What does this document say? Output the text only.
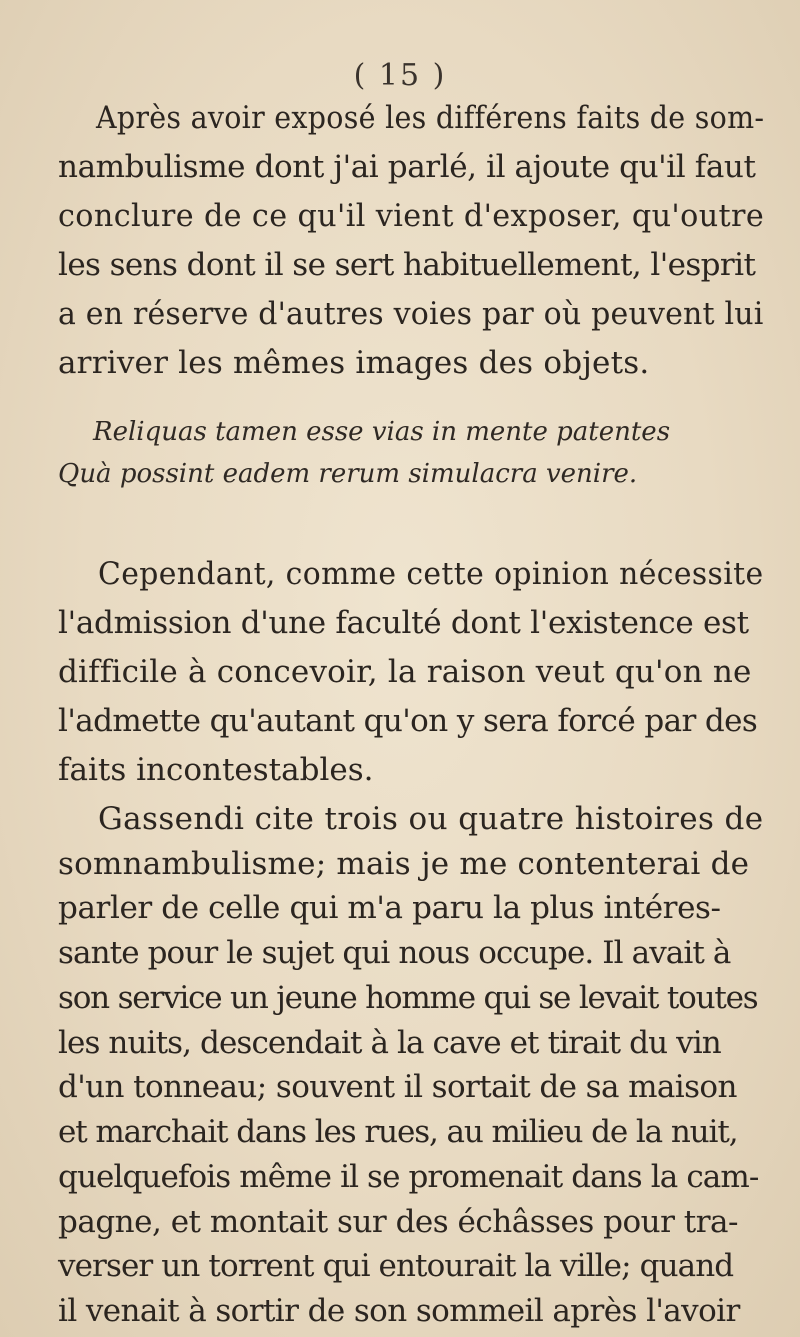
( 15 )
Après avoir exposé les différens faits de som-
nambulisme dont j'ai parlé, il ajoute qu'il faut
conclure de ce qu'il vient d'exposer, qu'outre
les sens dont il se sert habituellement, l'esprit
a en réserve d'autres voies par où peuvent lui
arriver les mêmes images des objets.
Reliquas tamen esse vias in mente patentes
Quà possint eadem rerum simulacra venire.
Cependant, comme cette opinion nécessite
l'admission d'une faculté dont l'existence est
difficile à concevoir, la raison veut qu'on ne
l'admette qu'autant qu'on y sera forcé par des
faits incontestables.
Gassendi cite trois ou quatre histoires de
somnambulisme; mais je me contenterai de
parler de celle qui m'a paru la plus intéres-
sante pour le sujet qui nous occupe. Il avait à
son service un jeune homme qui se levait toutes
les nuits, descendait à la cave et tirait du vin
d'un tonneau; souvent il sortait de sa maison
et marchait dans les rues, au milieu de la nuit,
quelquefois même il se promenait dans la cam-
pagne, et montait sur des échâsses pour tra-
verser un torrent qui entourait la ville; quand
il venait à sortir de son sommeil après l'avoir
